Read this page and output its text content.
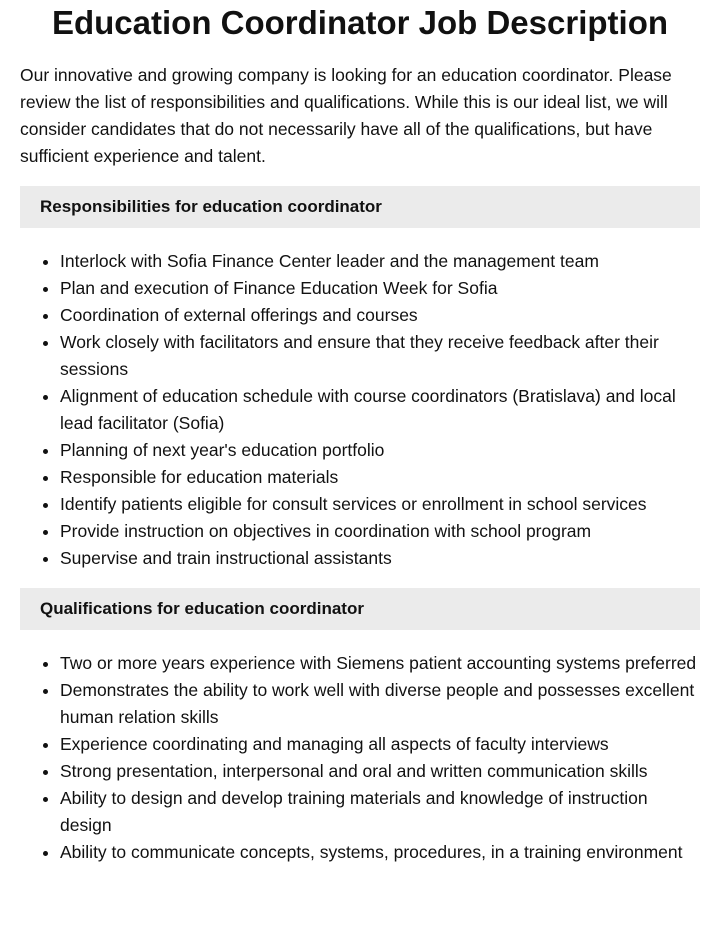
Education Coordinator Job Description

Our innovative and growing company is looking for an education coordinator. Please review the list of responsibilities and qualifications. While this is our ideal list, we will consider candidates that do not necessarily have all of the qualifications, but have sufficient experience and talent.

Responsibilities for education coordinator
• Interlock with Sofia Finance Center leader and the management team
• Plan and execution of Finance Education Week for Sofia
• Coordination of external offerings and courses
• Work closely with facilitators and ensure that they receive feedback after their sessions
• Alignment of education schedule with course coordinators (Bratislava) and local lead facilitator (Sofia)
• Planning of next year's education portfolio
• Responsible for education materials
• Identify patients eligible for consult services or enrollment in school services
• Provide instruction on objectives in coordination with school program
• Supervise and train instructional assistants
Qualifications for education coordinator
• Two or more years experience with Siemens patient accounting systems preferred
• Demonstrates the ability to work well with diverse people and possesses excellent human relation skills
• Experience coordinating and managing all aspects of faculty interviews
• Strong presentation, interpersonal and oral and written communication skills
• Ability to design and develop training materials and knowledge of instruction design
• Ability to communicate concepts, systems, procedures, in a training environment
